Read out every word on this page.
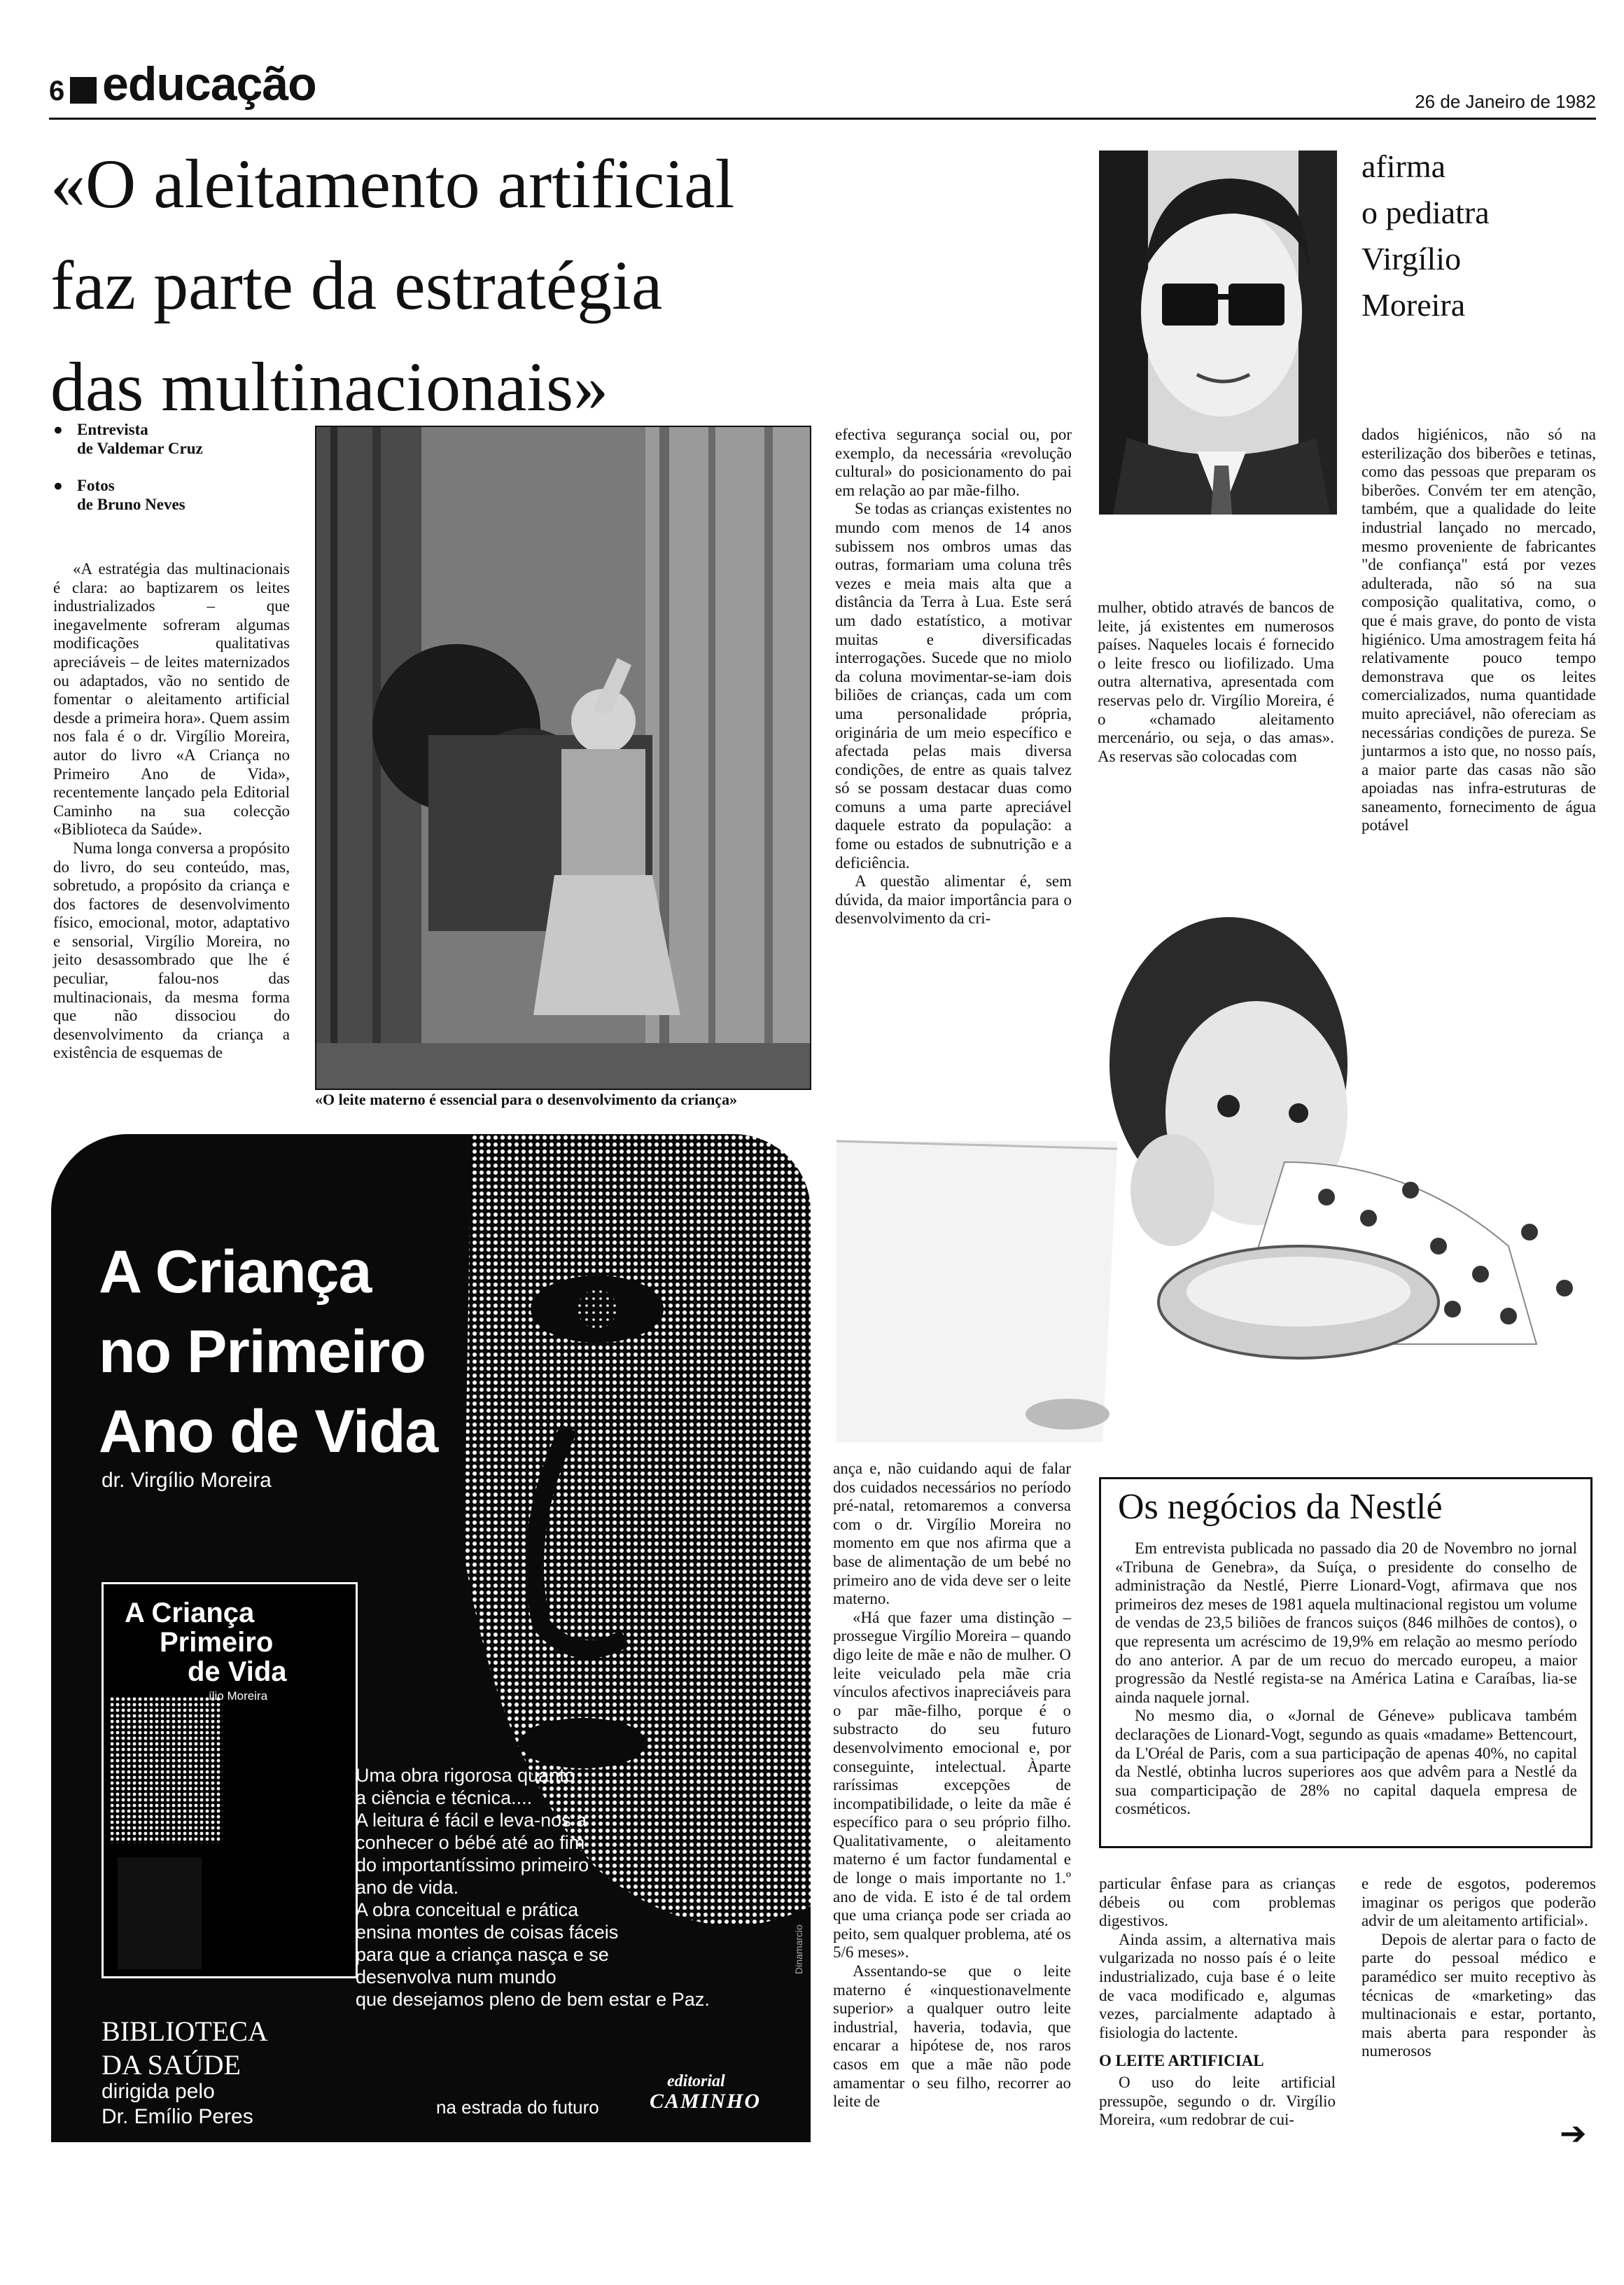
6 educação	26 de Janeiro de 1982
«O aleitamento artificial
faz parte da estratégia
das multinacionais»
afirma
o pediatra
Virgílio
Moreira
● Entrevista
de Valdemar Cruz
● Fotos
de Bruno Neves

«A estratégia das multinacionais é clara: ao baptizarem os leites industrializados – que inegavelmente sofreram algumas modificações qualitativas apreciáveis – de leites maternizados ou adaptados, vão no sentido de fomentar o aleitamento artificial desde a primeira hora». Quem assim nos fala é o dr. Virgílio Moreira, autor do livro «A Criança no Primeiro Ano de Vida», recentemente lançado pela Editorial Caminho na sua colecção «Biblioteca da Saúde».

Numa longa conversa a propósito do livro, do seu conteúdo, mas, sobretudo, a propósito da criança e dos factores de desenvolvimento físico, emocional, motor, adaptativo e sensorial, Virgílio Moreira, no jeito desassombrado que lhe é peculiar, falou-nos das multinacionais, da mesma forma que não dissociou do desenvolvimento da criança a existência de esquemas de

«O leite materno é essencial para o desenvolvimento da criança»

efectiva segurança social ou, por exemplo, da necessária «revolução cultural» do posicionamento do pai em relação ao par mãe-filho.

Se todas as crianças existentes no mundo com menos de 14 anos subissem nos ombros umas das outras, formariam uma coluna três vezes e meia mais alta que a distância da Terra à Lua. Este será um dado estatístico, a motivar muitas e diversificadas interrogações. Sucede que no miolo da coluna movimentar-se-iam dois biliões de crianças, cada um com uma personalidade própria, originária de um meio específico e afectada pelas mais diversa condições, de entre as quais talvez só se possam destacar duas como comuns a uma parte apreciável daquele estrato da população: a fome ou estados de subnutrição e a deficiência.

A questão alimentar é, sem dúvida, da maior importância para o desenvolvimento da cri-

mulher, obtido através de bancos de leite, já existentes em numerosos países. Naqueles locais é fornecido o leite fresco ou liofilizado. Uma outra alternativa, apresentada com reservas pelo dr. Virgílio Moreira, é o «chamado aleitamento mercenário, ou seja, o das amas». As reservas são colocadas com

dados higiénicos, não só na esterilização dos biberões e tetinas, como das pessoas que preparam os biberões. Convém ter em atenção, também, que a qualidade do leite industrial lançado no mercado, mesmo proveniente de fabricantes "de confiança" está por vezes adulterada, não só na sua composição qualitativa, como, o que é mais grave, do ponto de vista higiénico. Uma amostragem feita há relativamente pouco tempo demonstrava que os leites comercializados, numa quantidade muito apreciável, não ofereciam as necessárias condições de pureza. Se juntarmos a isto que, no nosso país, a maior parte das casas não são apoiadas nas infra-estruturas de saneamento, fornecimento de água potável

A Criança
no Primeiro
Ano de Vida
dr. Virgílio Moreira
A Criança
Primeiro
de Vida
ílio Moreira
Uma obra rigorosa quanto
a ciência e técnica....
A leitura é fácil e leva-nos a
conhecer o bébé até ao fim
do importantíssimo primeiro
ano de vida.
A obra conceitual e prática
ensina montes de coisas fáceis
para que a criança nasça e se
desenvolva num mundo
que desejamos pleno de bem estar e Paz.
BIBLIOTECA
DA SAÚDE
dirigida pelo
Dr. Emílio Peres	na estrada do futuro
editorial
CAMINHO
Dinamarcio

ança e, não cuidando aqui de falar dos cuidados necessários no período pré-natal, retomaremos a conversa com o dr. Virgílio Moreira no momento em que nos afirma que a base de alimentação de um bebé no primeiro ano de vida deve ser o leite materno.

«Há que fazer uma distinção – prossegue Virgílio Moreira – quando digo leite de mãe e não de mulher. O leite veiculado pela mãe cria vínculos afectivos inapreciáveis para o par mãe-filho, porque é o substracto do seu futuro desenvolvimento emocional e, por conseguinte, intelectual. Àparte raríssimas excepções de incompatibilidade, o leite da mãe é específico para o seu próprio filho. Qualitativamente, o aleitamento materno é um factor fundamental e de longe o mais importante no 1.º ano de vida. E isto é de tal ordem que uma criança pode ser criada ao peito, sem qualquer problema, até os 5/6 meses».

Assentando-se que o leite materno é «inquestionavelmente superior» a qualquer outro leite industrial, haveria, todavia, que encarar a hipótese de, nos raros casos em que a mãe não pode amamentar o seu filho, recorrer ao leite de

Os negócios da Nestlé

Em entrevista publicada no passado dia 20 de Novembro no jornal «Tribuna de Genebra», da Suíça, o presidente do conselho de administração da Nestlé, Pierre Lionard-Vogt, afirmava que nos primeiros dez meses de 1981 aquela multinacional registou um volume de vendas de 23,5 biliões de francos suiços (846 milhões de contos), o que representa um acréscimo de 19,9% em relação ao mesmo período do ano anterior. A par de um recuo do mercado europeu, a maior progressão da Nestlé regista-se na América Latina e Caraíbas, lia-se ainda naquele jornal.

No mesmo dia, o «Jornal de Géneve» publicava também declarações de Lionard-Vogt, segundo as quais «madame» Bettencourt, da L'Oréal de Paris, com a sua participação de apenas 40%, no capital da Nestlé, obtinha lucros superiores aos que advêm para a Nestlé da sua comparticipação de 28% no capital daquela empresa de cosméticos.

particular ênfase para as crianças débeis ou com problemas digestivos.

Ainda assim, a alternativa mais vulgarizada no nosso país é o leite industrializado, cuja base é o leite de vaca modificado e, algumas vezes, parcialmente adaptado à fisiologia do lactente.

O LEITE ARTIFICIAL

O uso do leite artificial pressupõe, segundo o dr. Virgílio Moreira, «um redobrar de cui-

e rede de esgotos, poderemos imaginar os perigos que poderão advir de um aleitamento artificial».

Depois de alertar para o facto de parte do pessoal médico e paramédico ser muito receptivo às técnicas de «marketing» das multinacionais e estar, portanto, mais aberta para responder às numerosos

➔
